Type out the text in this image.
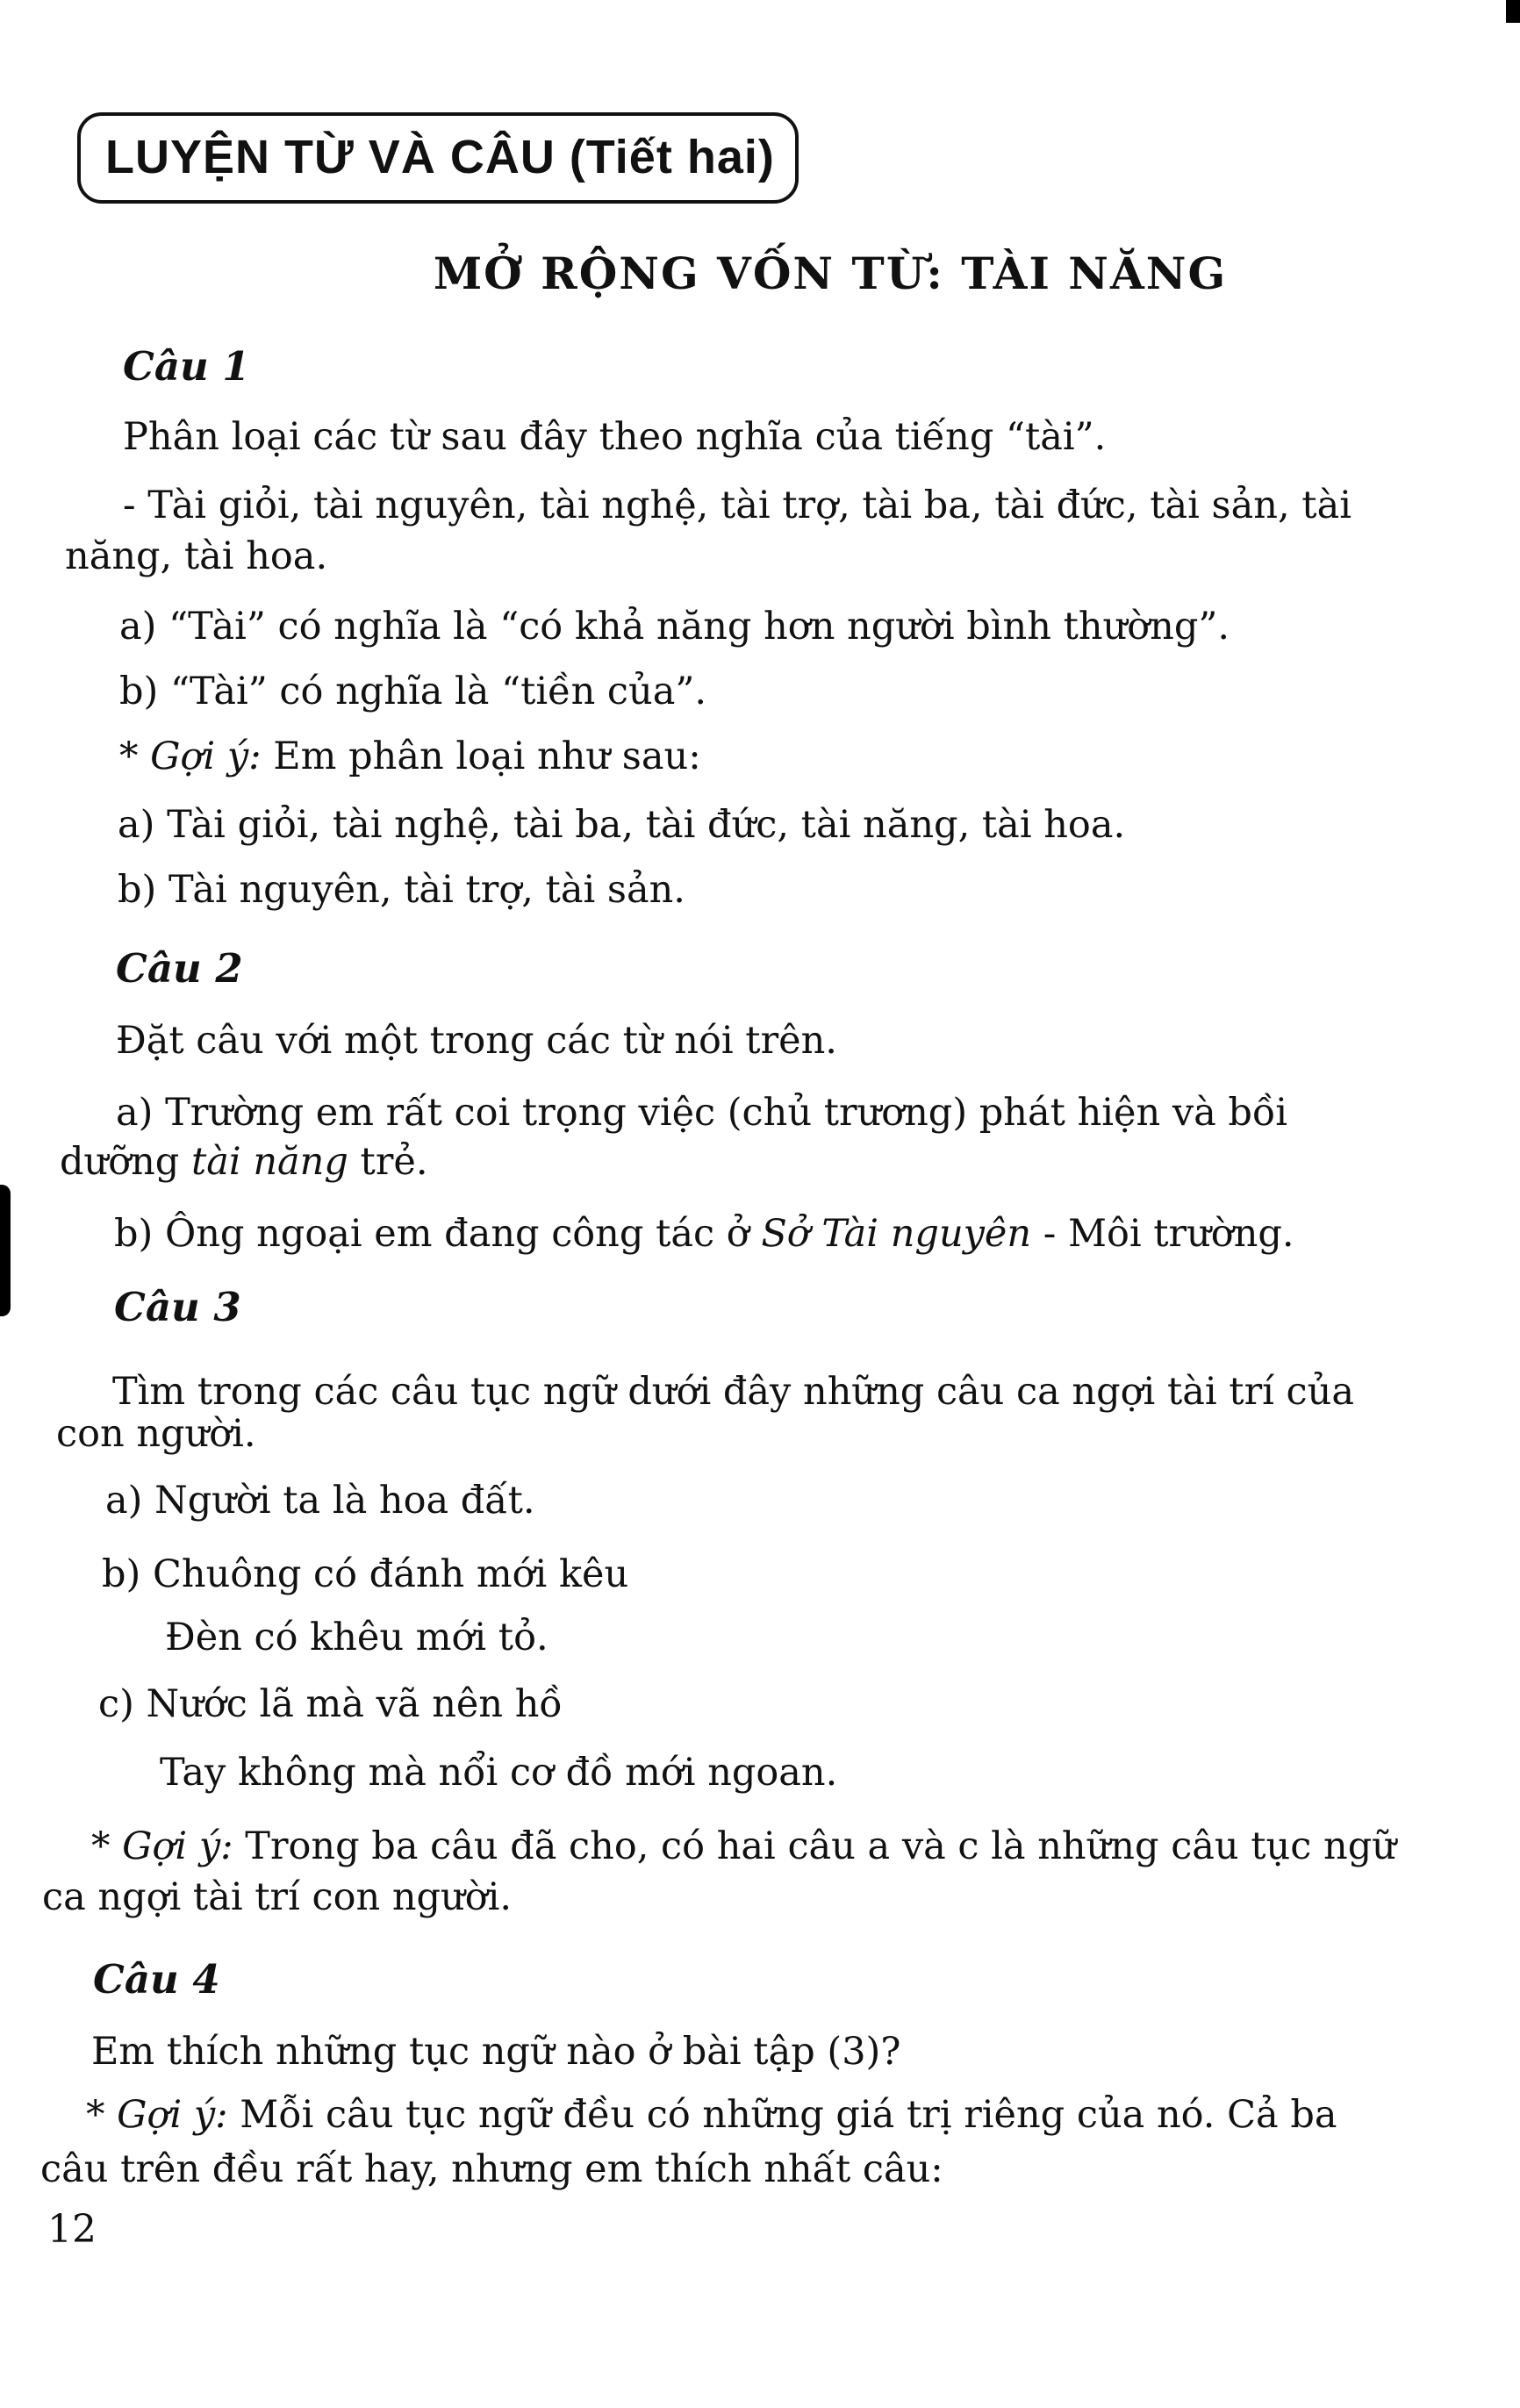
LUYỆN TỪ VÀ CÂU (Tiết hai)
MỞ RỘNG VỐN TỪ: TÀI NĂNG
Câu 1
Phân loại các từ sau đây theo nghĩa của tiếng “tài”.
- Tài giỏi, tài nguyên, tài nghệ, tài trợ, tài ba, tài đức, tài sản, tài
năng, tài hoa.
a) “Tài” có nghĩa là “có khả năng hơn người bình thường”.
b) “Tài” có nghĩa là “tiền của”.
* Gợi ý: Em phân loại như sau:
a) Tài giỏi, tài nghệ, tài ba, tài đức, tài năng, tài hoa.
b) Tài nguyên, tài trợ, tài sản.
Câu 2
Đặt câu với một trong các từ nói trên.
a) Trường em rất coi trọng việc (chủ trương) phát hiện và bồi
dưỡng tài năng trẻ.
b) Ông ngoại em đang công tác ở Sở Tài nguyên - Môi trường.
Câu 3
Tìm trong các câu tục ngữ dưới đây những câu ca ngợi tài trí của
con người.
a) Người ta là hoa đất.
b) Chuông có đánh mới kêu
Đèn có khêu mới tỏ.
c) Nước lã mà vã nên hồ
Tay không mà nổi cơ đồ mới ngoan.
* Gợi ý: Trong ba câu đã cho, có hai câu a và c là những câu tục ngữ
ca ngợi tài trí con người.
Câu 4
Em thích những tục ngữ nào ở bài tập (3)?
* Gợi ý: Mỗi câu tục ngữ đều có những giá trị riêng của nó. Cả ba
câu trên đều rất hay, nhưng em thích nhất câu:
12
